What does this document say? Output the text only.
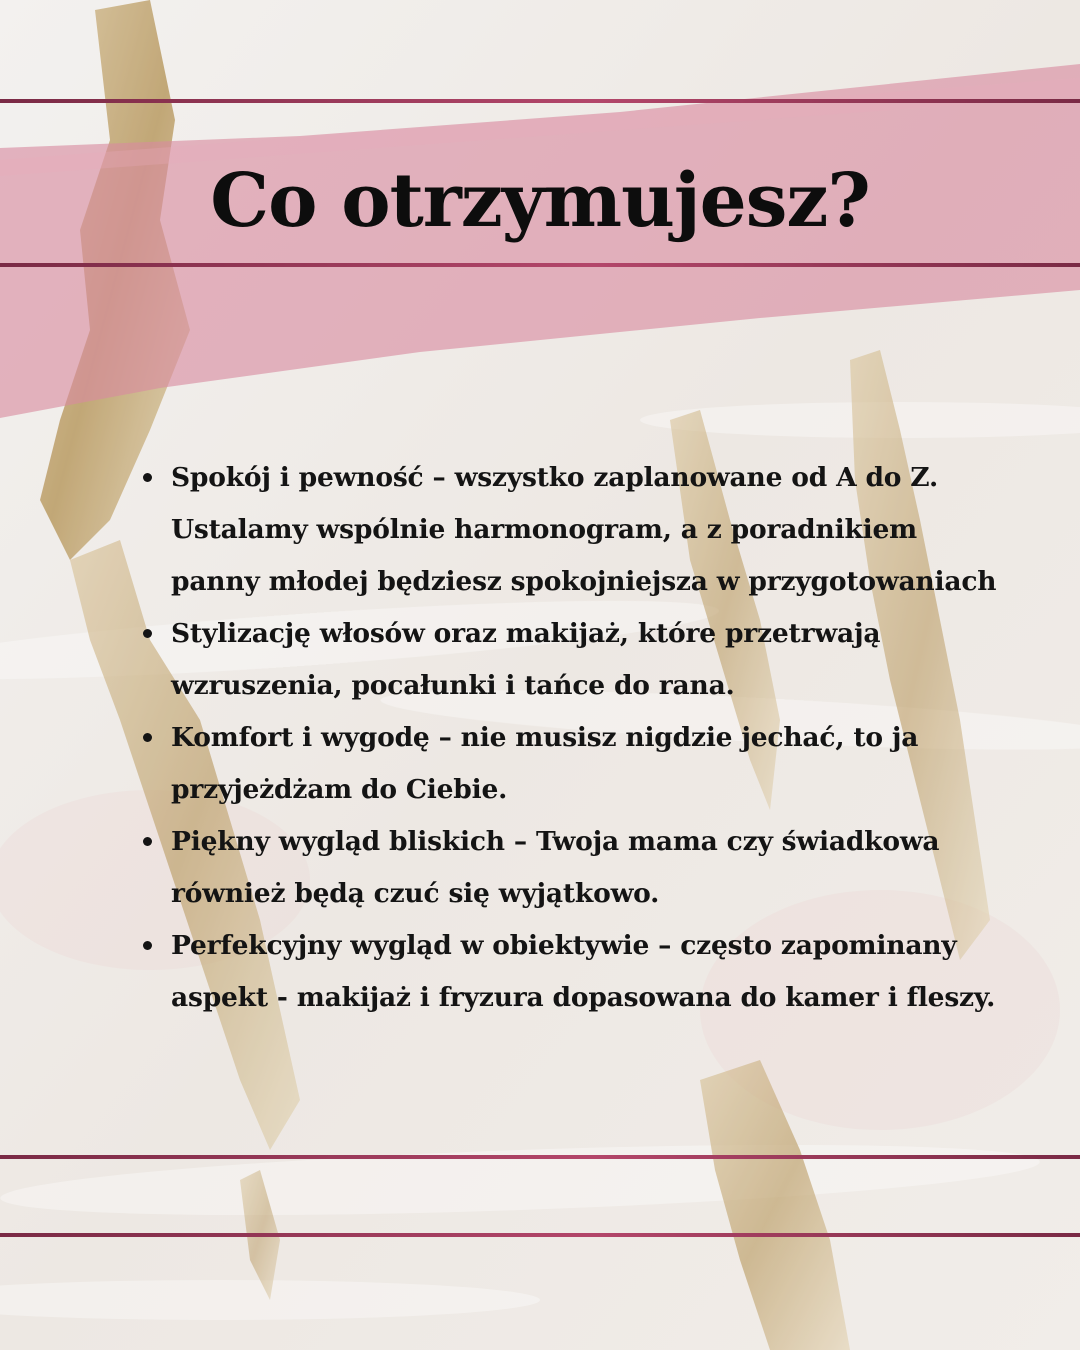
Co otrzymujesz?
Spokój i pewność – wszystko zaplanowane od A do Z. Ustalamy wspólnie harmonogram, a z poradnikiem panny młodej będziesz spokojniejsza w przygotowaniach
Stylizację włosów oraz makijaż, które przetrwają wzruszenia, pocałunki i tańce do rana.
Komfort i wygodę – nie musisz nigdzie jechać, to ja przyjeżdżam do Ciebie.
Piękny wygląd bliskich – Twoja mama czy świadkowa również będą czuć się wyjątkowo.
Perfekcyjny wygląd w obiektywie – często zapominany aspekt - makijaż i fryzura dopasowana do kamer i fleszy.
